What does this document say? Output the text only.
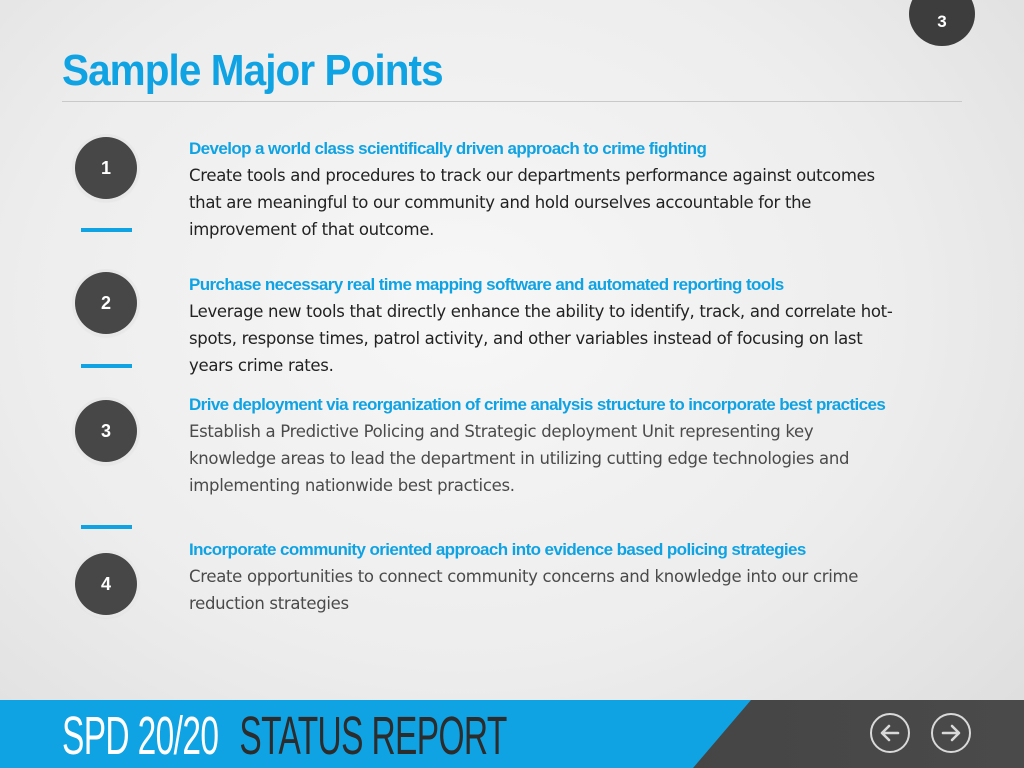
3
Sample Major Points
1
Develop a world class scientifically driven approach to crime fighting
Create tools and procedures to track our departments performance against outcomes that are meaningful to our community and hold ourselves accountable for the improvement of that outcome.
2
Purchase necessary real time mapping software and automated reporting tools
Leverage new tools that directly enhance the ability to identify, track, and correlate hot-spots, response times, patrol activity, and other variables instead of focusing on last years crime rates.
3
Drive deployment via reorganization of crime analysis structure to incorporate best practices
Establish a Predictive Policing and Strategic deployment Unit representing key knowledge areas to lead the department in utilizing cutting edge technologies and implementing nationwide best practices.
4
Incorporate community oriented approach into evidence based policing strategies
Create opportunities to connect community concerns and knowledge into our crime reduction strategies
SPD 20/20 STATUS REPORT
